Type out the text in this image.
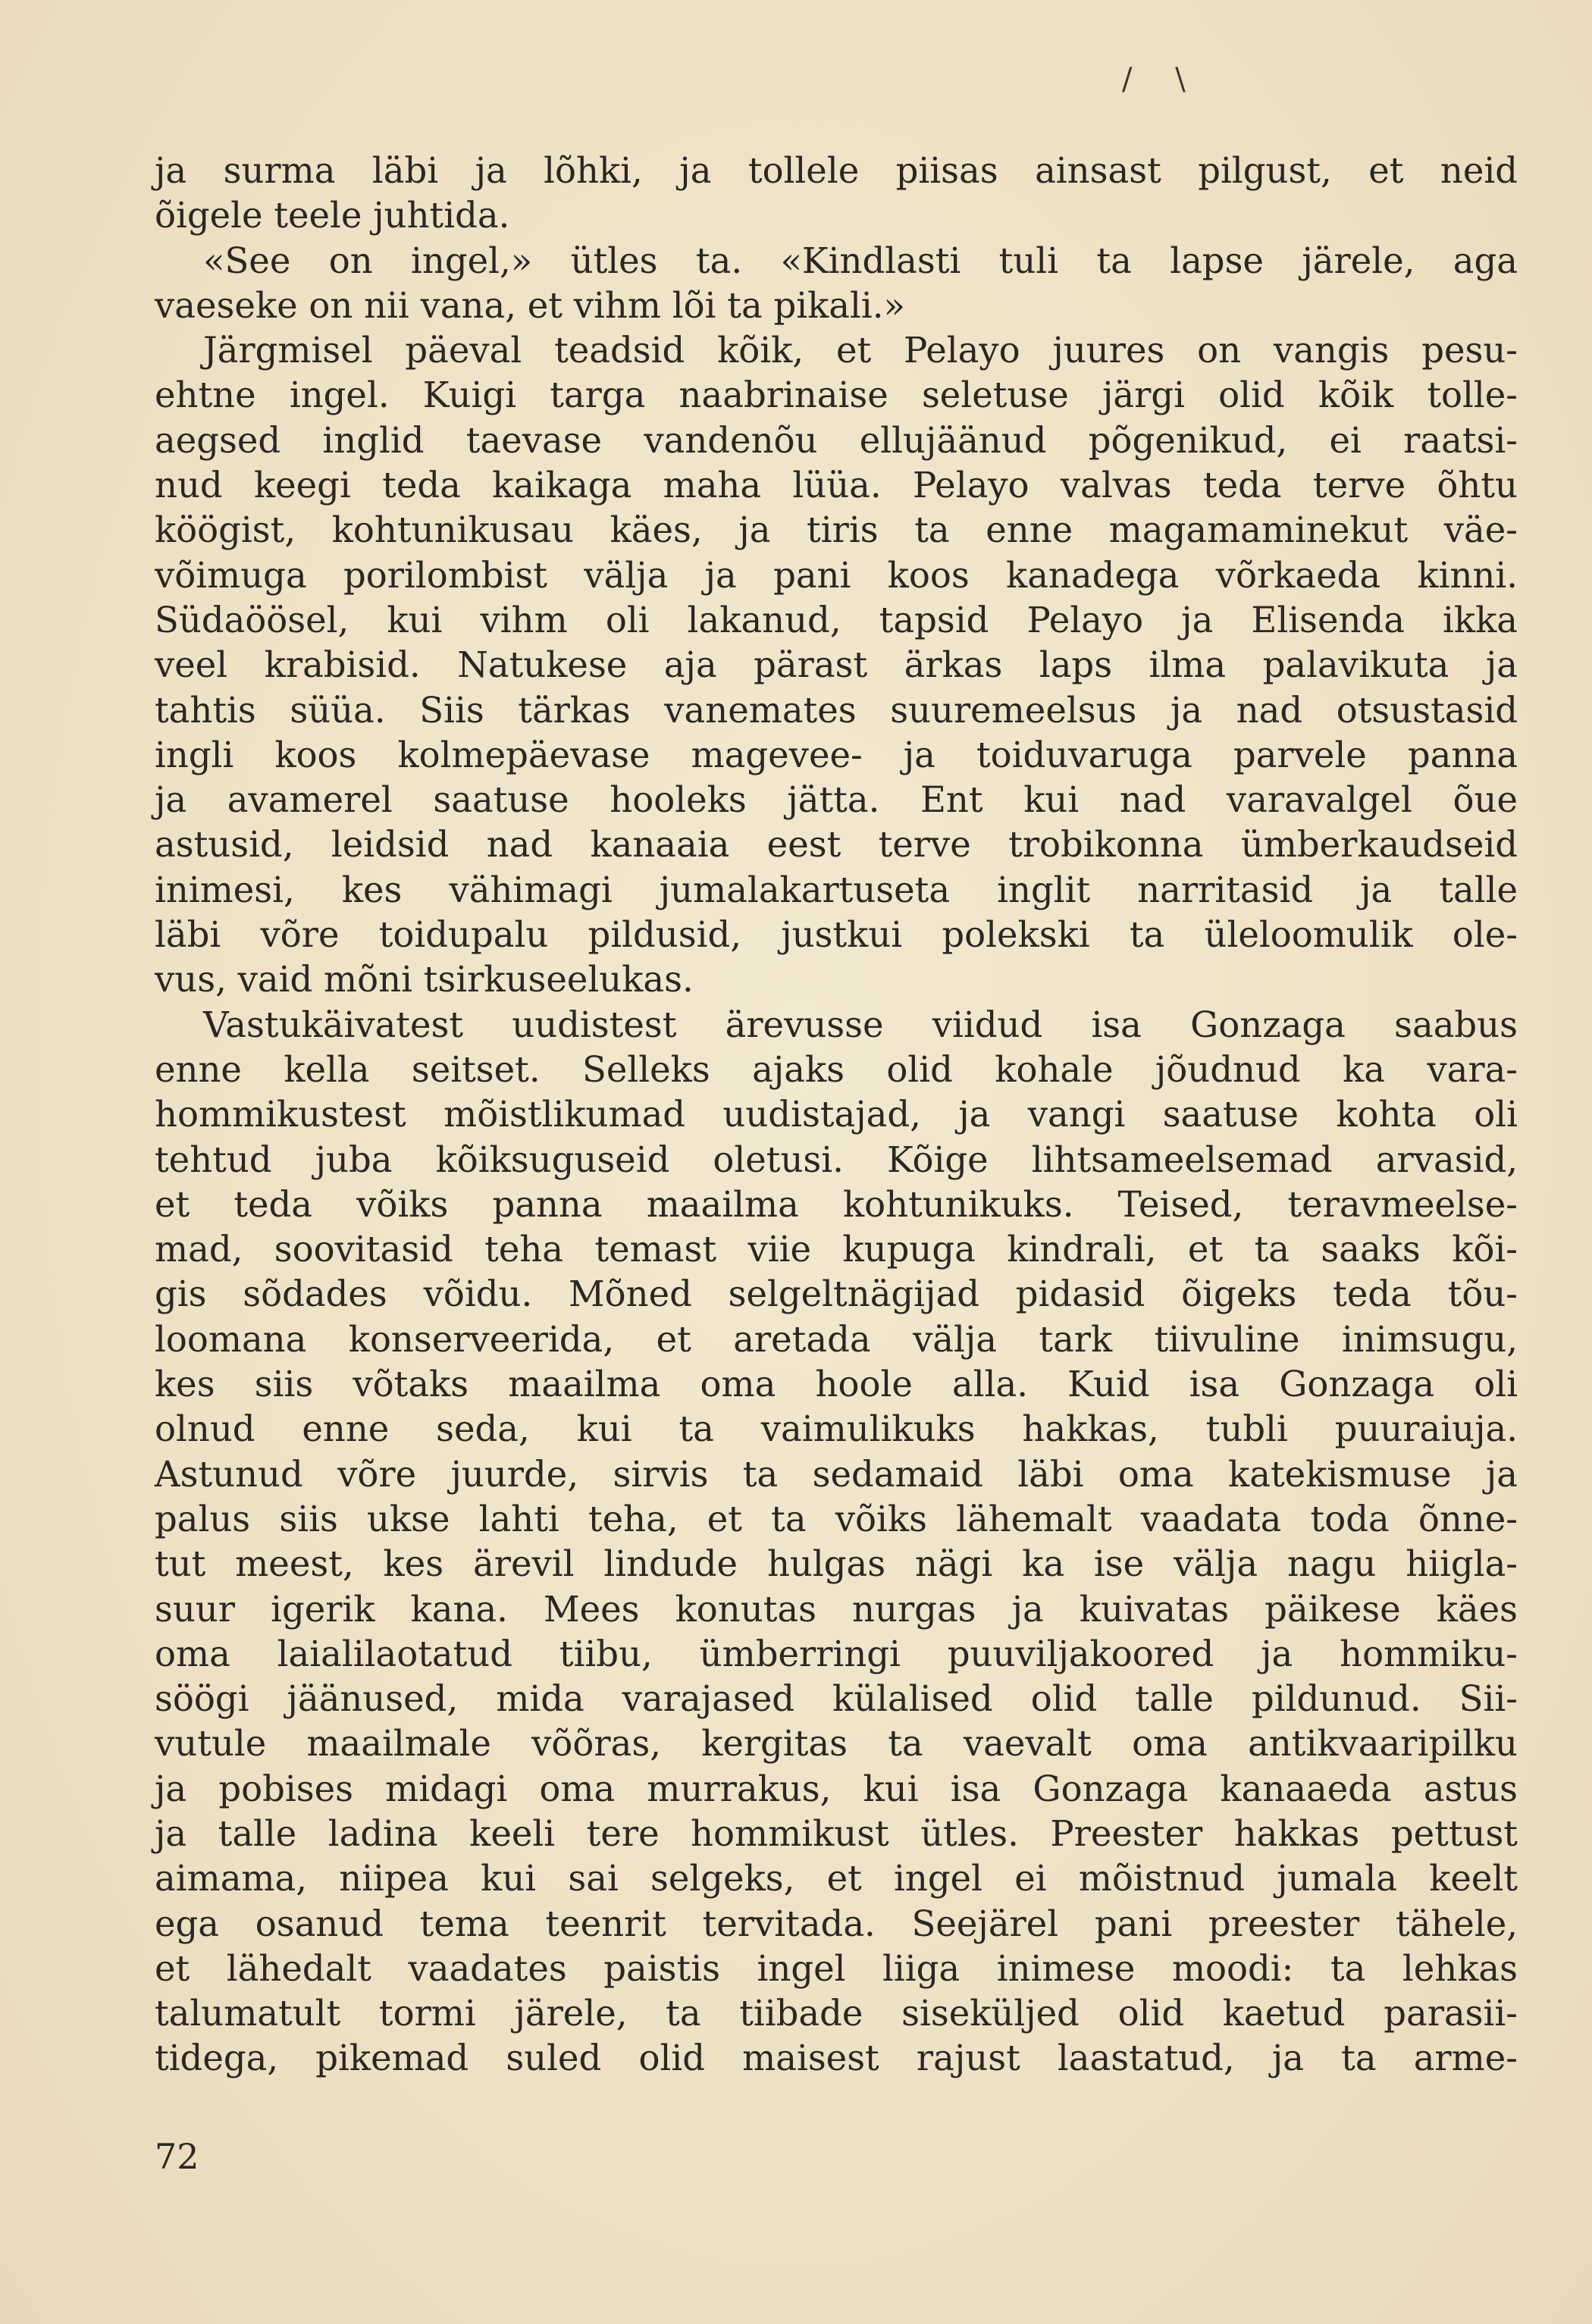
/ \
ja surma läbi ja lõhki, ja tollele piisas ainsast pilgust, et neid
õigele teele juhtida.
«See on ingel,» ütles ta. «Kindlasti tuli ta lapse järele, aga
vaeseke on nii vana, et vihm lõi ta pikali.»
Järgmisel päeval teadsid kõik, et Pelayo juures on vangis pesu-
ehtne ingel. Kuigi targa naabrinaise seletuse järgi olid kõik tolle-
aegsed inglid taevase vandenõu ellujäänud põgenikud, ei raatsi-
nud keegi teda kaikaga maha lüüa. Pelayo valvas teda terve õhtu
köögist, kohtunikusau käes, ja tiris ta enne magamaminekut väe-
võimuga porilombist välja ja pani koos kanadega võrkaeda kinni.
Südaöösel, kui vihm oli lakanud, tapsid Pelayo ja Elisenda ikka
veel krabisid. Natukese aja pärast ärkas laps ilma palavikuta ja
tahtis süüa. Siis tärkas vanemates suuremeelsus ja nad otsustasid
ingli koos kolmepäevase magevee- ja toiduvaruga parvele panna
ja avamerel saatuse hooleks jätta. Ent kui nad varavalgel õue
astusid, leidsid nad kanaaia eest terve trobikonna ümberkaudseid
inimesi, kes vähimagi jumalakartuseta inglit narritasid ja talle
läbi võre toidupalu pildusid, justkui polekski ta üleloomulik ole-
vus, vaid mõni tsirkuseelukas.
Vastukäivatest uudistest ärevusse viidud isa Gonzaga saabus
enne kella seitset. Selleks ajaks olid kohale jõudnud ka vara-
hommikustest mõistlikumad uudistajad, ja vangi saatuse kohta oli
tehtud juba kõiksuguseid oletusi. Kõige lihtsameelsemad arvasid,
et teda võiks panna maailma kohtunikuks. Teised, teravmeelse-
mad, soovitasid teha temast viie kupuga kindrali, et ta saaks kõi-
gis sõdades võidu. Mõned selgeltnägijad pidasid õigeks teda tõu-
loomana konserveerida, et aretada välja tark tiivuline inimsugu,
kes siis võtaks maailma oma hoole alla. Kuid isa Gonzaga oli
olnud enne seda, kui ta vaimulikuks hakkas, tubli puuraiuja.
Astunud võre juurde, sirvis ta sedamaid läbi oma katekismuse ja
palus siis ukse lahti teha, et ta võiks lähemalt vaadata toda õnne-
tut meest, kes ärevil lindude hulgas nägi ka ise välja nagu hiigla-
suur igerik kana. Mees konutas nurgas ja kuivatas päikese käes
oma laialilaotatud tiibu, ümberringi puuviljakoored ja hommiku-
söögi jäänused, mida varajased külalised olid talle pildunud. Sii-
vutule maailmale võõras, kergitas ta vaevalt oma antikvaaripilku
ja pobises midagi oma murrakus, kui isa Gonzaga kanaaeda astus
ja talle ladina keeli tere hommikust ütles. Preester hakkas pettust
aimama, niipea kui sai selgeks, et ingel ei mõistnud jumala keelt
ega osanud tema teenrit tervitada. Seejärel pani preester tähele,
et lähedalt vaadates paistis ingel liiga inimese moodi: ta lehkas
talumatult tormi järele, ta tiibade siseküljed olid kaetud parasii-
tidega, pikemad suled olid maisest rajust laastatud, ja ta arme-
72
